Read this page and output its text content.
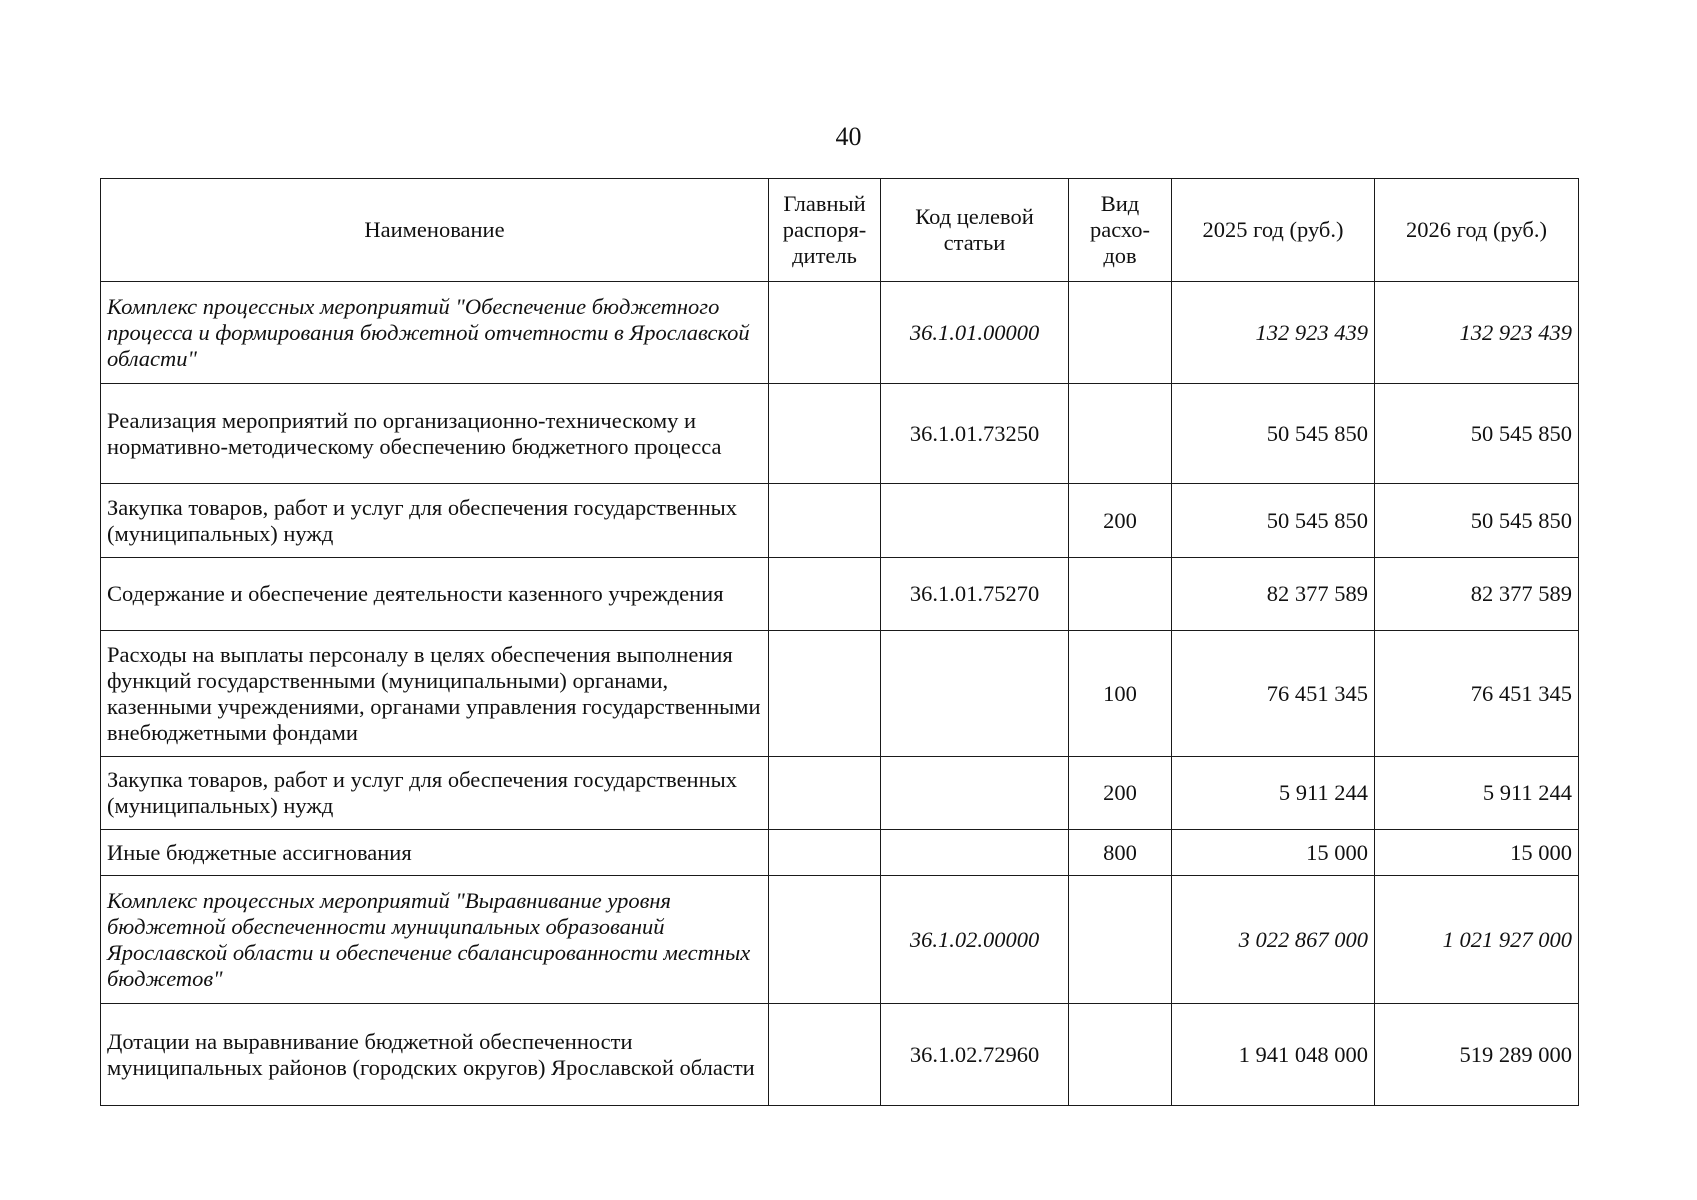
40
Наименование	Главный распоря-дитель	Код целевой статьи	Вид расхо-дов	2025 год (руб.)	2026 год (руб.)
Комплекс процессных мероприятий "Обеспечение бюджетного процесса и формирования бюджетной отчетности в Ярославской области"		36.1.01.00000		132 923 439	132 923 439
Реализация мероприятий по организационно-техническому и нормативно-методическому обеспечению бюджетного процесса		36.1.01.73250		50 545 850	50 545 850
Закупка товаров, работ и услуг для обеспечения государственных (муниципальных) нужд			200	50 545 850	50 545 850
Содержание и обеспечение деятельности казенного учреждения		36.1.01.75270		82 377 589	82 377 589
Расходы на выплаты персоналу в целях обеспечения выполнения функций государственными (муниципальными) органами, казенными учреждениями, органами управления государственными внебюджетными фондами			100	76 451 345	76 451 345
Закупка товаров, работ и услуг для обеспечения государственных (муниципальных) нужд			200	5 911 244	5 911 244
Иные бюджетные ассигнования			800	15 000	15 000
Комплекс процессных мероприятий "Выравнивание уровня бюджетной обеспеченности муниципальных образований Ярославской области и обеспечение сбалансированности местных бюджетов"		36.1.02.00000		3 022 867 000	1 021 927 000
Дотации на выравнивание бюджетной обеспеченности муниципальных районов (городских округов) Ярославской области		36.1.02.72960		1 941 048 000	519 289 000
